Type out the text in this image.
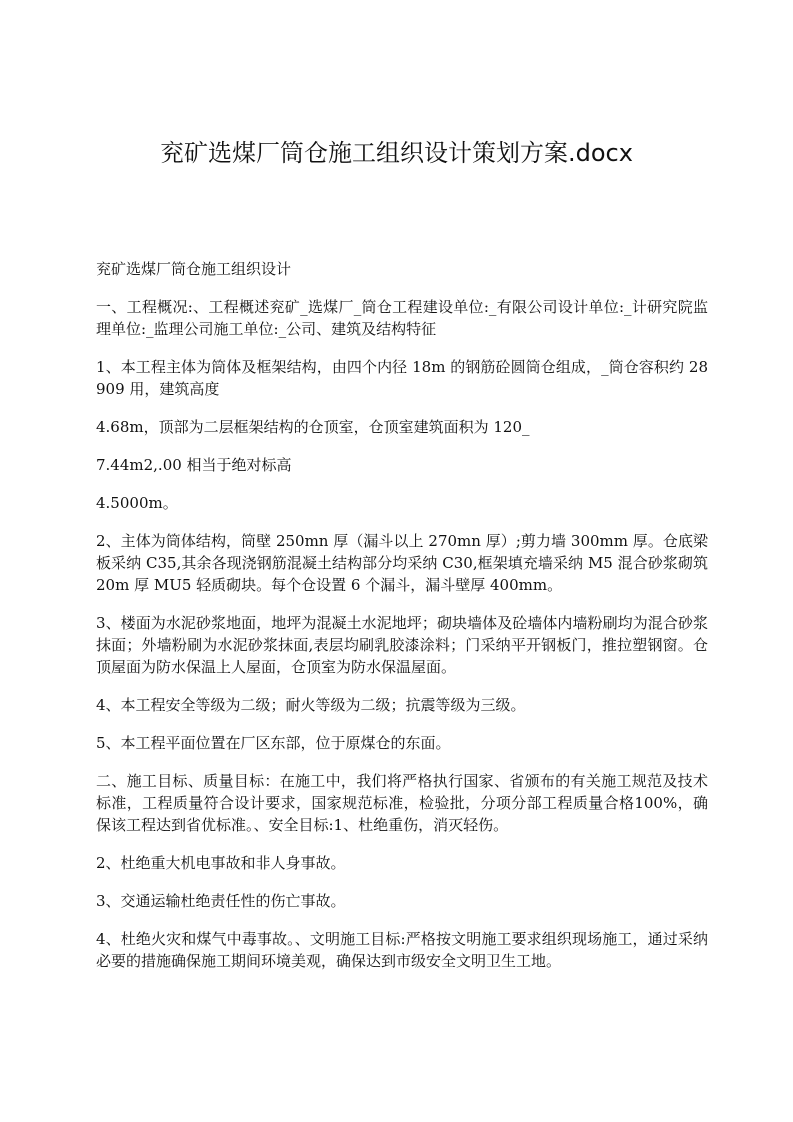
兖矿选煤厂筒仓施工组织设计策划方案.docx

兖矿选煤厂筒仓施工组织设计

一、工程概况:、工程概述兖矿_选煤厂_筒仓工程建设单位:_有限公司设计单位:_计研究院监理单位:_监理公司施工单位:_公司、建筑及结构特征

1、本工程主体为筒体及框架结构，由四个内径 18m 的钢筋砼圆筒仓组成，_筒仓容积约 28909 用，建筑高度

4.68m，顶部为二层框架结构的仓顶室，仓顶室建筑面积为 120_

7.44m2,.00 相当于绝对标高

4.5000m。

2、主体为筒体结构，筒壁 250mn 厚（漏斗以上 270mn 厚）;剪力墙 300mm 厚。仓底梁板采纳 C35,其余各现浇钢筋混凝土结构部分均采纳 C30,框架填充墙采纳 M5 混合砂浆砌筑 20m 厚 MU5 轻质砌块。每个仓设置 6 个漏斗，漏斗壁厚 400mm。

3、楼面为水泥砂浆地面，地坪为混凝土水泥地坪；砌块墙体及砼墙体内墙粉刷均为混合砂浆抹面；外墙粉刷为水泥砂浆抹面,表层均刷乳胶漆涂料；门采纳平开钢板门，推拉塑钢窗。仓顶屋面为防水保温上人屋面，仓顶室为防水保温屋面。

4、本工程安全等级为二级；耐火等级为二级；抗震等级为三级。

5、本工程平面位置在厂区东部，位于原煤仓的东面。

二、施工目标、质量目标：在施工中，我们将严格执行国家、省颁布的有关施工规范及技术标准，工程质量符合设计要求，国家规范标准，检验批，分项分部工程质量合格100%，确保该工程达到省优标准。、安全目标:1、杜绝重伤，消灭轻伤。

2、杜绝重大机电事故和非人身事故。

3、交通运输杜绝责任性的伤亡事故。

4、杜绝火灾和煤气中毒事故。、文明施工目标:严格按文明施工要求组织现场施工，通过采纳必要的措施确保施工期间环境美观，确保达到市级安全文明卫生工地。
